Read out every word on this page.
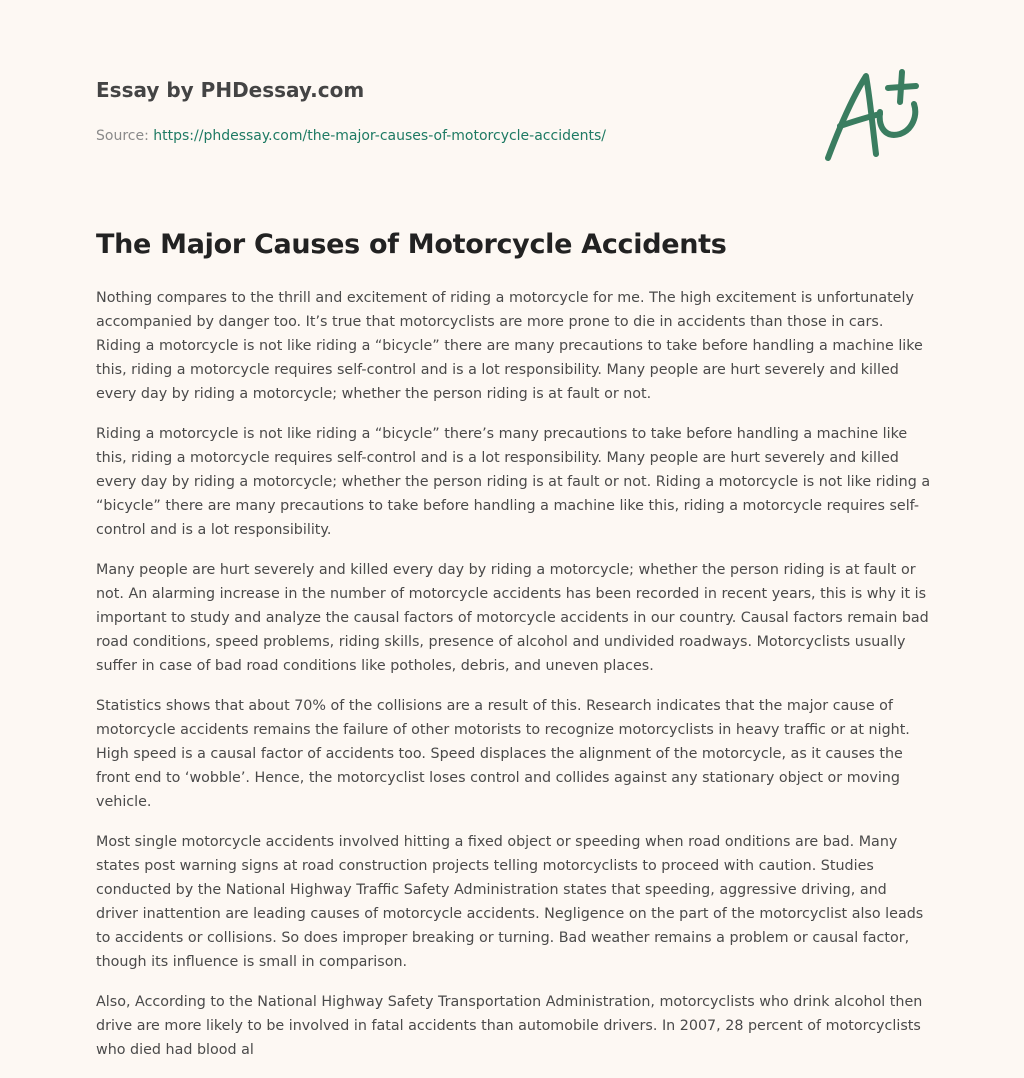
Essay by PHDessay.com
Source: https://phdessay.com/the-major-causes-of-motorcycle-accidents/
The Major Causes of Motorcycle Accidents

Nothing compares to the thrill and excitement of riding a motorcycle for me. The high excitement is unfortunately accompanied by danger too. It’s true that motorcyclists are more prone to die in accidents than those in cars. Riding a motorcycle is not like riding a “bicycle” there are many precautions to take before handling a machine like this, riding a motorcycle requires self-control and is a lot responsibility. Many people are hurt severely and killed every day by riding a motorcycle; whether the person riding is at fault or not.

Riding a motorcycle is not like riding a “bicycle” there’s many precautions to take before handling a machine like this, riding a motorcycle requires self-control and is a lot responsibility. Many people are hurt severely and killed every day by riding a motorcycle; whether the person riding is at fault or not. Riding a motorcycle is not like riding a “bicycle” there are many precautions to take before handling a machine like this, riding a motorcycle requires self-control and is a lot responsibility.

Many people are hurt severely and killed every day by riding a motorcycle; whether the person riding is at fault or not. An alarming increase in the number of motorcycle accidents has been recorded in recent years, this is why it is important to study and analyze the causal factors of motorcycle accidents in our country. Causal factors remain bad road conditions, speed problems, riding skills, presence of alcohol and undivided roadways. Motorcyclists usually suffer in case of bad road conditions like potholes, debris, and uneven places.

Statistics shows that about 70% of the collisions are a result of this. Research indicates that the major cause of motorcycle accidents remains the failure of other motorists to recognize motorcyclists in heavy traffic or at night. High speed is a causal factor of accidents too. Speed displaces the alignment of the motorcycle, as it causes the front end to ‘wobble’. Hence, the motorcyclist loses control and collides against any stationary object or moving vehicle.

Most single motorcycle accidents involved hitting a fixed object or speeding when road onditions are bad. Many states post warning signs at road construction projects telling motorcyclists to proceed with caution. Studies conducted by the National Highway Traffic Safety Administration states that speeding, aggressive driving, and driver inattention are leading causes of motorcycle accidents. Negligence on the part of the motorcyclist also leads to accidents or collisions. So does improper breaking or turning. Bad weather remains a problem or causal factor, though its influence is small in comparison.

Also, According to the National Highway Safety Transportation Administration, motorcyclists who drink alcohol then drive are more likely to be involved in fatal accidents than automobile drivers. In 2007, 28 percent of motorcyclists who died had blood al
